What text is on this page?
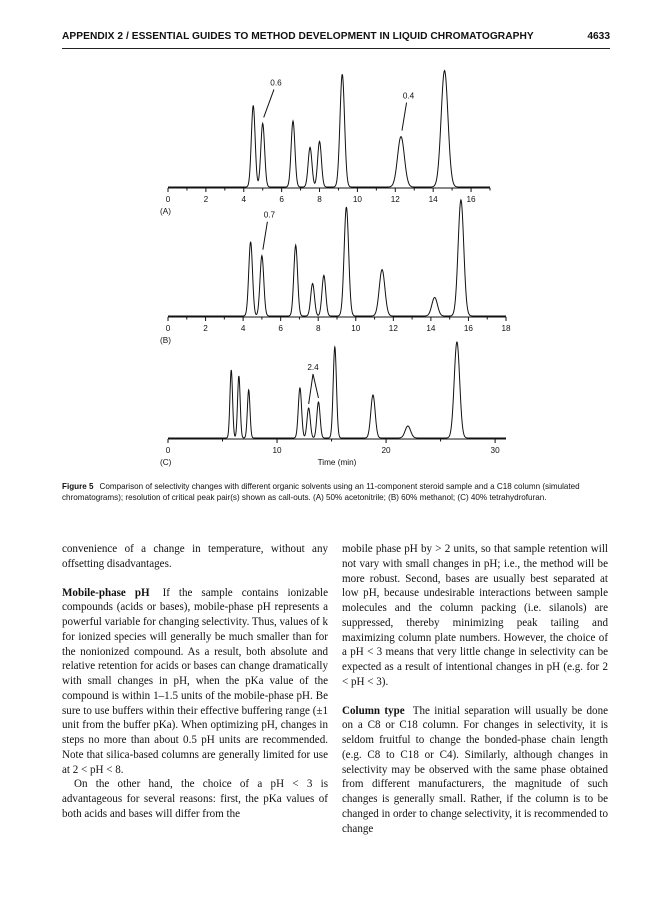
APPENDIX 2 / ESSENTIAL GUIDES TO METHOD DEVELOPMENT IN LIQUID CHROMATOGRAPHY	4633
0	2	4	6	8	10	12	14	16
(A)
0.6
0.4
0	2	4	6	8	10	12	14	16	18
(B)
0.7
0	10	20	30
(C)	Time (min)
2.4
Figure 5 Comparison of selectivity changes with different organic solvents using an 11-component steroid sample and a C18 column (simulated chromatograms); resolution of critical peak pair(s) shown as call-outs. (A) 50% acetonitrile; (B) 60% methanol; (C) 40% tetrahydrofuran.

convenience of a change in temperature, without any offsetting disadvantages.

Mobile-phase pH If the sample contains ionizable compounds (acids or bases), mobile-phase pH represents a powerful variable for changing selectivity. Thus, values of k for ionized species will generally be much smaller than for the nonionized compound. As a result, both absolute and relative retention for acids or bases can change dramatically with small changes in pH, when the pKa value of the compound is within 1–1.5 units of the mobile-phase pH. Be sure to use buffers within their effective buffering range (±1 unit from the buffer pKa). When optimizing pH, changes in steps no more than about 0.5 pH units are recommended. Note that silica-based columns are generally limited for use at 2 < pH < 8.

On the other hand, the choice of a pH < 3 is advantageous for several reasons: first, the pKa values of both acids and bases will differ from the

mobile phase pH by > 2 units, so that sample retention will not vary with small changes in pH; i.e., the method will be more robust. Second, bases are usually best separated at low pH, because undesirable interactions between sample molecules and the column packing (i.e. silanols) are suppressed, thereby minimizing peak tailing and maximizing column plate numbers. However, the choice of a pH < 3 means that very little change in selectivity can be expected as a result of intentional changes in pH (e.g. for 2 < pH < 3).

Column type The initial separation will usually be done on a C8 or C18 column. For changes in selectivity, it is seldom fruitful to change the bonded-phase chain length (e.g. C8 to C18 or C4). Similarly, although changes in selectivity may be observed with the same phase obtained from different manufacturers, the magnitude of such changes is generally small. Rather, if the column is to be changed in order to change selectivity, it is recommended to change
